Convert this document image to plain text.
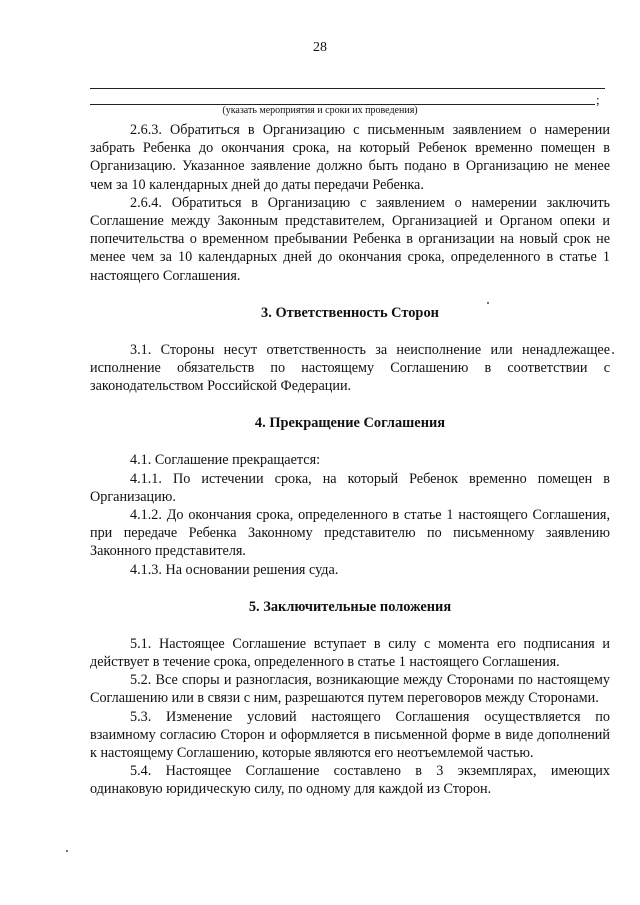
28
;
(указать мероприятия и сроки их проведения)

2.6.3. Обратиться в Организацию с письменным заявлением о намерении забрать Ребенка до окончания срока, на который Ребенок временно помещен в Организацию. Указанное заявление должно быть подано в Организацию не менее чем за 10 календарных дней до даты передачи Ребенка.

2.6.4. Обратиться в Организацию с заявлением о намерении заключить Соглашение между Законным представителем, Организацией и Органом опеки и попечительства о временном пребывании Ребенка в организации на новый срок не менее чем за 10 календарных дней до окончания срока, определенного в статье 1 настоящего Соглашения.

3. Ответственность Сторон

3.1. Стороны несут ответственность за неисполнение или ненадлежащее исполнение обязательств по настоящему Соглашению в соответствии с законодательством Российской Федерации.

4. Прекращение Соглашения

4.1. Соглашение прекращается:

4.1.1. По истечении срока, на который Ребенок временно помещен в Организацию.

4.1.2. До окончания срока, определенного в статье 1 настоящего Соглашения, при передаче Ребенка Законному представителю по письменному заявлению Законного представителя.

4.1.3. На основании решения суда.

5. Заключительные положения

5.1. Настоящее Соглашение вступает в силу с момента его подписания и действует в течение срока, определенного в статье 1 настоящего Соглашения.

5.2. Все споры и разногласия, возникающие между Сторонами по настоящему Соглашению или в связи с ним, разрешаются путем переговоров между Сторонами.

5.3. Изменение условий настоящего Соглашения осуществляется по взаимному согласию Сторон и оформляется в письменной форме в виде дополнений к настоящему Соглашению, которые являются его неотъемлемой частью.

5.4. Настоящее Соглашение составлено в 3 экземплярах, имеющих одинаковую юридическую силу, по одному для каждой из Сторон.
